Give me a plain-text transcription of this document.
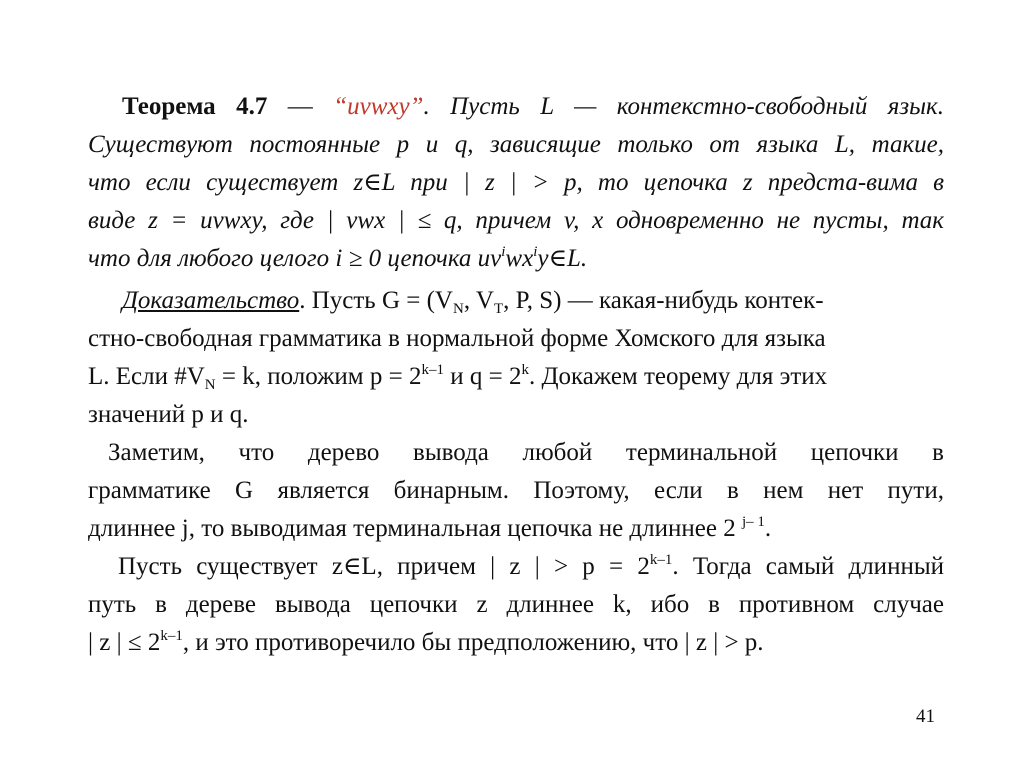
Теорема 4.7 — “uvwxy”. Пусть L — контекстно-свободный язык.
Существуют постоянные p и q, зависящие только от языка L, такие,
что если существует z∈L при | z | > p, то цепочка z предста-вима в
виде z = uvwxy, где | vwx | ≤ q, причем v, x одновременно не пусты, так
что для любого целого i ≥ 0 цепочка $uv^iwx^iy\in L$.
Доказательство. Пусть $G = (V_N$, $V_T$, P, S) — какая-нибудь контек-
стно-свободная грамматика в нормальной форме Хомского для языка
L. Если $\#V_N = k$, положим $p = 2^{k-1}$ и $q = 2^k$. Докажем теорему для этих
значений p и q.
Заметим, что дерево вывода любой терминальной цепочки в
грамматике G является бинарным. Поэтому, если в нем нет пути,
длиннее j, то выводимая терминальная цепочка не длиннее 2 $^{j- 1}$.
Пусть существует z∈L, причем | z | > $p = 2^{k-1}$. Тогда самый длинный
путь в дереве вывода цепочки z длиннее k, ибо в противном случае
| z | ≤ $2^{k-1}$, и это противоречило бы предположению, что | z | > p.
41
